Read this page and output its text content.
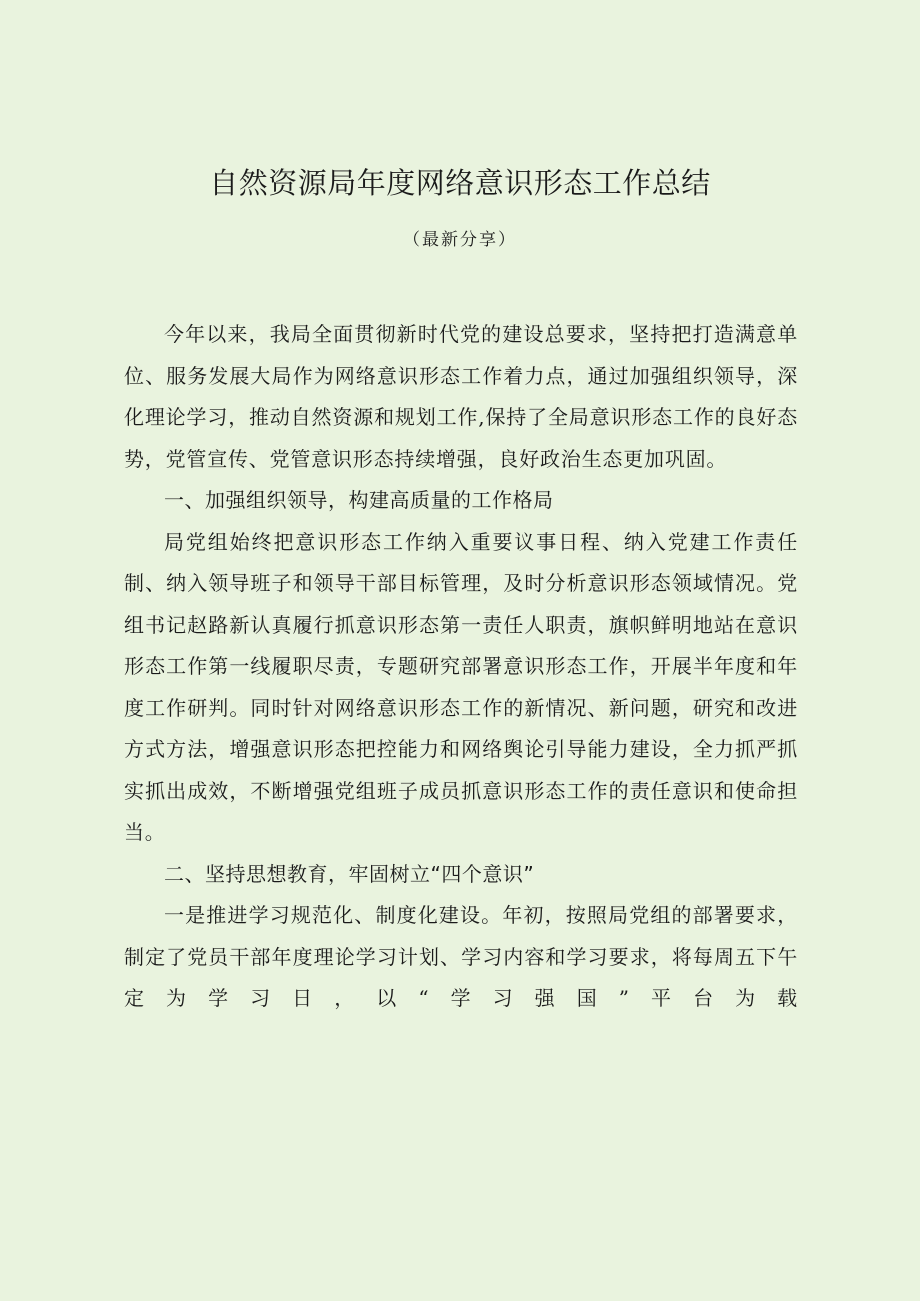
自然资源局年度网络意识形态工作总结

（最新分享）

今年以来，我局全面贯彻新时代党的建设总要求，坚持把打造满意单位、服务发展大局作为网络意识形态工作着力点，通过加强组织领导，深化理论学习，推动自然资源和规划工作,保持了全局意识形态工作的良好态势，党管宣传、党管意识形态持续增强，良好政治生态更加巩固。

一、加强组织领导，构建高质量的工作格局

局党组始终把意识形态工作纳入重要议事日程、纳入党建工作责任制、纳入领导班子和领导干部目标管理，及时分析意识形态领域情况。党组书记赵路新认真履行抓意识形态第一责任人职责，旗帜鲜明地站在意识形态工作第一线履职尽责，专题研究部署意识形态工作，开展半年度和年度工作研判。同时针对网络意识形态工作的新情况、新问题，研究和改进方式方法，增强意识形态把控能力和网络舆论引导能力建设，全力抓严抓实抓出成效，不断增强党组班子成员抓意识形态工作的责任意识和使命担当。

二、坚持思想教育，牢固树立“四个意识”

一是推进学习规范化、制度化建设。年初，按照局党组的部署要求，制定了党员干部年度理论学习计划、学习内容和学习要求，将每周五下午定为学习日，以“学习强国”平台为载
